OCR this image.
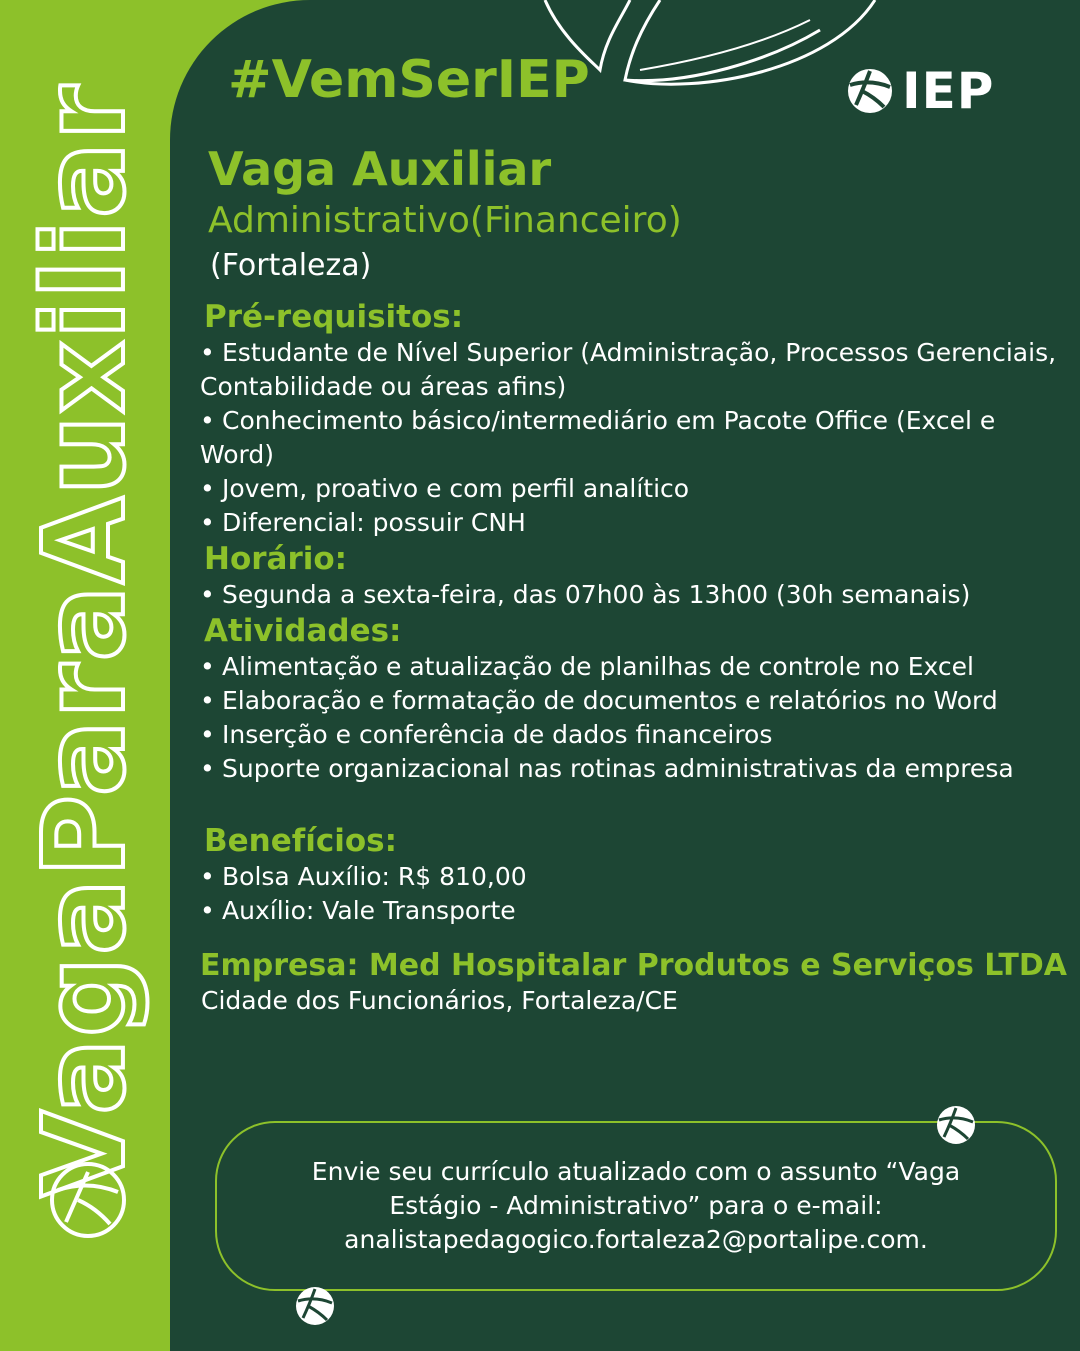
VagaParaAuxiliar
#VemSerIEP	IEP
Vaga Auxiliar
Administrativo(Financeiro)
(Fortaleza)
Pré-requisitos:
• Estudante de Nível Superior (Administração, Processos Gerenciais, Contabilidade ou áreas afins)
• Conhecimento básico/intermediário em Pacote Office (Excel e Word)
• Jovem, proativo e com perfil analítico
• Diferencial: possuir CNH
Horário:
• Segunda a sexta-feira, das 07h00 às 13h00 (30h semanais)
Atividades:
• Alimentação e atualização de planilhas de controle no Excel
• Elaboração e formatação de documentos e relatórios no Word
• Inserção e conferência de dados financeiros
• Suporte organizacional nas rotinas administrativas da empresa
Benefícios:
• Bolsa Auxílio: R$ 810,00
• Auxílio: Vale Transporte
Empresa: Med Hospitalar Produtos e Serviços LTDA
Cidade dos Funcionários, Fortaleza/CE
Envie seu currículo atualizado com o assunto “Vaga Estágio - Administrativo” para o e-mail: analistapedagogico.fortaleza2@portalipe.com.
